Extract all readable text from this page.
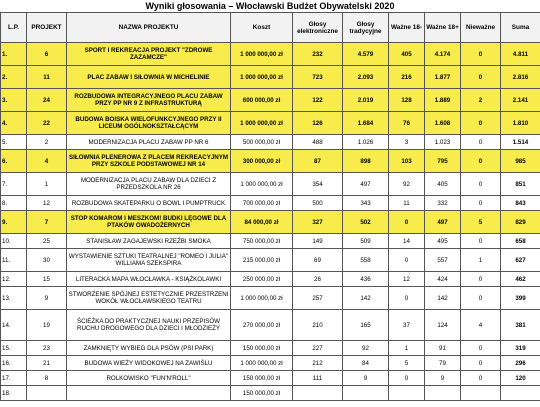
Wyniki głosowania – Włocławski Budżet Obywatelski 2020
L.P.	PROJEKT	NAZWA PROJEKTU	Koszt	Głosy elektroniczne	Głosy tradycyjne	Ważne 18-	Ważne 18+	Nieważne	Suma
1.	6	SPORT I REKREACJA PROJEKT "ZDROWE ZAZAMCZE"	1 000 000,00 zł	232	4.579	405	4.174	0	4.811
2.	11	PLAC ZABAW I SIŁOWNIA W MICHELINIE	1 000 000,00 zł	723	2.093	216	1.877	0	2.816
3.	24	ROZBUDOWA INTEGRACYJNEGO PLACU ZABAW PRZY PP NR 9 Z INFRASTRUKTURĄ	600 000,00 zł	122	2.019	128	1.889	2	2.141
4.	22	BUDOWA BOISKA WIELOFUNKCYJNEGO PRZY II LICEUM OGÓLNOKSZTAŁCĄCYM	1 000 000,00 zł	126	1.684	76	1.608	0	1.810
5.	2	MODERNIZACJA PLACU ZABAW PP NR 6	500 000,00 zł	488	1.026	3	1.023	0	1.514
6.	4	SIŁOWNIA PLENEROWA Z PLACEM REKREACYJNYM PRZY SZKOLE PODSTAWOWEJ NR 14	300 000,00 zł	87	898	103	795	0	985
7.	1	MODERNIZACJA PLACU ZABAW DLA DZIECI Z PRZEDSZKOLA NR 26	1 000 000,00 zł	354	497	92	405	0	851
8.	12	ROZBUDOWA SKATEPARKU O BOWL I PUMPTRUCK	700 000,00 zł	500	343	11	332	0	843
9.	7	STOP KOMAROM I MESZKOM! BUDKI LĘGOWE DLA PTAKÓW OWADOŻERNYCH	84 000,00 zł	327	502	0	497	5	829
10.	25	STANISŁAW ZAGAJEWSKI RZEŹBI SMOKA	750 000,00 zł	149	509	14	495	0	658
11.	30	WYSTAWIENIE SZTUKI TEATRALNEJ "ROMEO I JULIA" WILLIAMA SZEKSPIRA	215 000,00 zł	69	558	0	557	1	627
12.	15	LITERACKA MAPA WŁOCŁAWKA - KSIĄŻKOLAWKI	250 000,00 zł	26	436	12	424	0	462
13.	9	STWORZENIE SPÓJNEJ ESTETYCZNIE PRZESTRZENI WOKÓŁ WŁOCŁAWSKIEGO TEATRU	1 000 000,00 zł	257	142	0	142	0	399
14.	19	ŚCIEŻKA DO PRAKTYCZNEJ NAUKI PRZEPISÓW RUCHU DROGOWEGO DLA DZIECI I MŁODZIEŻY	270 000,00 zł	210	165	37	124	4	381
15.	23	ZAMKNIĘTY WYBIEG DLA PSÓW (PSI PARK)	150 000,00 zł	227	92	1	91	0	319
16.	21	BUDOWA WIEŻY WIDOKOWEJ NA ZAWIŚLU	1 000 000,00 zł	212	84	5	79	0	296
17.	8	ROLKOWISKO "FUN'N'ROLL"	150 000,00 zł	111	9	0	9	0	120
18.			150 000,00 zł						
